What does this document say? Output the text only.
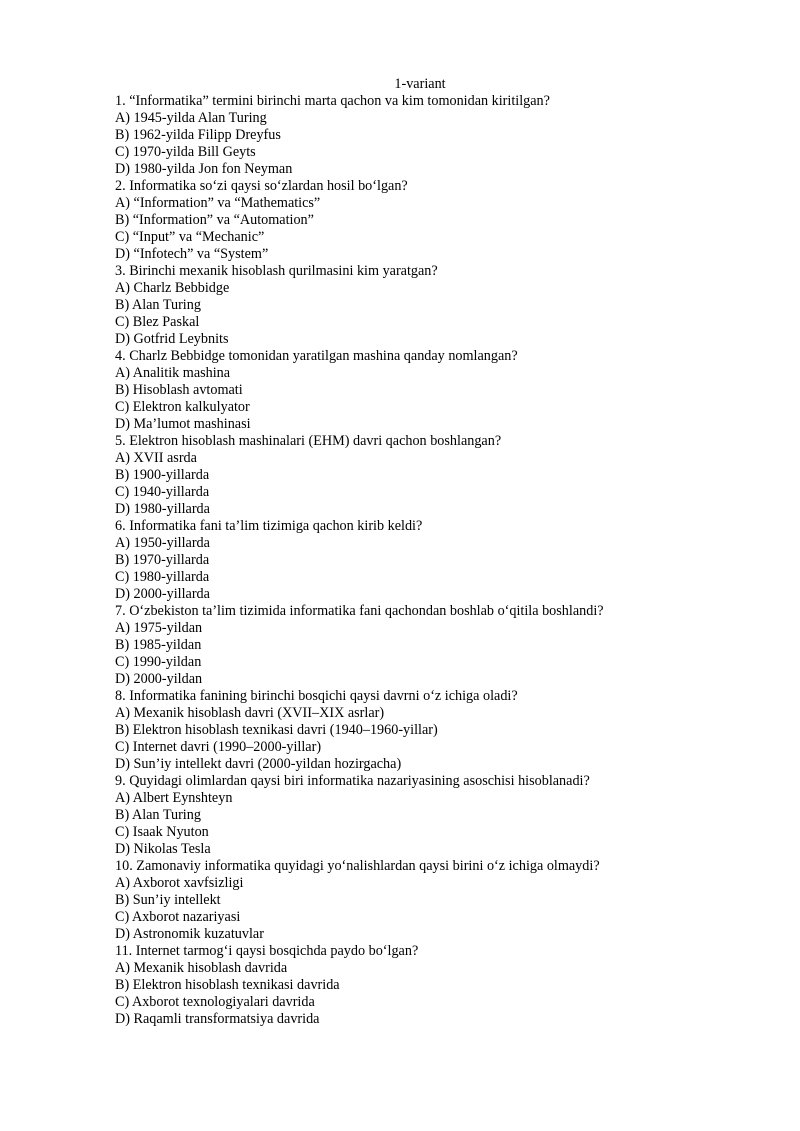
1-variant
1. “Informatika” termini birinchi marta qachon va kim tomonidan kiritilgan?
A) 1945-yilda Alan Turing
B) 1962-yilda Filipp Dreyfus
C) 1970-yilda Bill Geyts
D) 1980-yilda Jon fon Neyman
2. Informatika so‘zi qaysi so‘zlardan hosil bo‘lgan?
A) “Information” va “Mathematics”
B) “Information” va “Automation”
C) “Input” va “Mechanic”
D) “Infotech” va “System”
3. Birinchi mexanik hisoblash qurilmasini kim yaratgan?
A) Charlz Bebbidge
B) Alan Turing
C) Blez Paskal
D) Gotfrid Leybnits
4. Charlz Bebbidge tomonidan yaratilgan mashina qanday nomlangan?
A) Analitik mashina
B) Hisoblash avtomati
C) Elektron kalkulyator
D) Ma’lumot mashinasi
5. Elektron hisoblash mashinalari (EHM) davri qachon boshlangan?
A) XVII asrda
B) 1900-yillarda
C) 1940-yillarda
D) 1980-yillarda
6. Informatika fani ta’lim tizimiga qachon kirib keldi?
A) 1950-yillarda
B) 1970-yillarda
C) 1980-yillarda
D) 2000-yillarda
7. O‘zbekiston ta’lim tizimida informatika fani qachondan boshlab o‘qitila boshlandi?
A) 1975-yildan
B) 1985-yildan
C) 1990-yildan
D) 2000-yildan
8. Informatika fanining birinchi bosqichi qaysi davrni o‘z ichiga oladi?
A) Mexanik hisoblash davri (XVII–XIX asrlar)
B) Elektron hisoblash texnikasi davri (1940–1960-yillar)
C) Internet davri (1990–2000-yillar)
D) Sun’iy intellekt davri (2000-yildan hozirgacha)
9. Quyidagi olimlardan qaysi biri informatika nazariyasining asoschisi hisoblanadi?
A) Albert Eynshteyn
B) Alan Turing
C) Isaak Nyuton
D) Nikolas Tesla
10. Zamonaviy informatika quyidagi yo‘nalishlardan qaysi birini o‘z ichiga olmaydi?
A) Axborot xavfsizligi
B) Sun’iy intellekt
C) Axborot nazariyasi
D) Astronomik kuzatuvlar
11. Internet tarmog‘i qaysi bosqichda paydo bo‘lgan?
A) Mexanik hisoblash davrida
B) Elektron hisoblash texnikasi davrida
C) Axborot texnologiyalari davrida
D) Raqamli transformatsiya davrida
